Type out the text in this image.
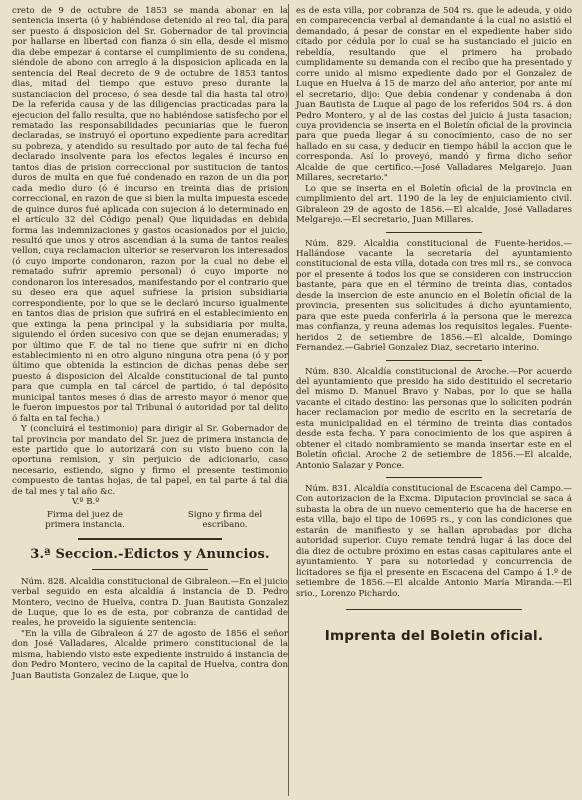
creto de 9 de octubre de 1853 se manda abonar en la sentencia inserta (ó y habiéndose detenido al reo tal, dia para ser puesto á disposicion del Sr. Gobernador de tal provincia por hallarse en libertad con fianza ó sin ella, desde el mismo dia debe empezar á contarse el cumplimiento de su condena, siéndole de abono con arreglo á la disposicion aplicada en la sentencia del Real decreto de 9 de octubre de 1853 tantos dias, mitad del tiempo que estuvo preso durante la sustanciacion del proceso, ó sea desde tal dia hasta tal otro) De la referida causa y de las diligencias practicadas para la ejecucion del fallo resulta, que no habiéndose satisfecho por el rematado las responsabilidades pecuniarias que le fueron declaradas, se instruyó el oportuno expediente para acreditar su pobreza, y atendido su resultado por auto de tal fecha fué declarado insolvente para los efectos legales é incurso en tantos dias de prision correccional por sustitucion de tantos duros de multa en que fué condenado en razon de un dia por cada medio duro (ó é incurso en treinta dias de prision correccional, en razon de que si bien la multa impuesta escede de quince duros fué aplicada con sujecion á lo determinado en el artículo 32 del Código penal) Que liquidadas en debida forma las indemnizaciones y gastos ocasionados por el juicio, resultó que unos y otros ascendian á la suma de tantos reales vellon, cuya reclamacion ulterior se reservaron los interesados (ó cuyo importe condonaron, razon por la cual no debe el rematado sufrir apremio personal) ó cuyo importe no condonaron los interesados, manifestando por el contrario que su deseo era que aquel sufriese la prision subsidiaria correspondiente, por lo que se le declaró incurso igualmente en tantos dias de prision que sufrirá en el establecimiento en que extinga la pena principal y la subsidiaria por multa, siguiendo el órden sucesivo con que se dejan enumeradas; y por último que F. de tal no tiene que sufrir ni en dicho establecimiento ni en otro alguno ninguna otra pena (ó y por último que obtenida la estincion de dichas penas debe ser puesto á disposicion del Alcalde constitucional de tal punto para que cumpla en tal cárcel de partido, ó tal depósito municipal tantos meses ó dias de arresto mayor ó menor que le fueron impuestos por tal Tribunal ó autoridad por tal delito ó falta en tal fecha.)

Y (concluirá el testimonio) para dirigir al Sr. Gobernador de tal provincia por mandato del Sr. juez de primera instancia de este partido que lo autorizará con su visto bueno con la oportuna remision, y sin perjuicio de adicionarlo, caso necesario, estiendo, signo y firmo el presente testimonio compuesto de tantas hojas, de tal papel, en tal parte á tal dia de tal mes y tal año &c.

V.º B.º

Firma del juez de primera instancia.
Signo y firma del escribano.
3.ª Seccion.-Edictos y Anuncios.

Núm. 828. Alcaldia constitucional de Gibraleon.—En el juicio verbal seguido en esta alcaldía á instancia de D. Pedro Montero, vecino de Huelva, contra D. Juan Bautista Gonzalez de Luque, que lo es de esta, por cobranza de cantidad de reales, he proveido la siguiente sentencia:

"En la villa de Gibraleon á 27 de agosto de 1856 el señor don José Valladares, Alcalde primero constitucional de la misma, habiendo visto este expediente instruido á instancia de don Pedro Montero, vecino de la capital de Huelva, contra don Juan Bautista Gonzalez de Luque, que lo

es de esta villa, por cobranza de 504 rs. que le adeuda, y oido en comparecencia verbal al demandante á la cual no asistió el demandado, á pesar de constar en el expediente haber sido citado por cédula por lo cual se ha sustanciado el juicio en rebeldía, resultando que el primero ha probado cumplidamente su demanda con el recibo que ha presentado y corre unido al mismo expediente dado por el Gonzalez de Luque en Huelva á 15 de marzo del año anterior, por ante mí el secretario, dijo: Que debia condenar y condenaba á don Juan Bautista de Luque al pago de los referidos 504 rs. á don Pedro Montero, y al de las costas del juicio á justa tasacion; cuya providencia se inserta en el Boletín oficial de la provincia para que pueda llegar á su conocimiento, caso de no ser hallado en su casa, y deducir en tiempo hábil la accion que le corresponda. Así lo proveyó, mandó y firma dicho señor Alcalde de que certifico.—José Valladares Melgarejo. Juan Millares, secretario."

Lo que se inserta en el Boletín oficial de la provincia en cumplimiento del art. 1190 de la ley de enjuiciamiento civil. Gibraleon 29 de agosto de 1856.—El alcalde, José Valladares Melgarejo.—El secretario, Juan Millares.

Núm. 829. Alcaldia constitucional de Fuente-heridos.—Hallándose vacante la secretaría del ayuntamiento constitucional de esta villa, dotada con tres mil rs., se convoca por el presente á todos los que se consideren con instruccion bastante, para que en el término de treinta dias, contados desde la insercion de este anuncio en el Boletín oficial de la provincia, presenten sus solicitudes á dicho ayuntamiento, para que este pueda conferirla á la persona que le merezca mas confianza, y reuna ademas los requisitos legales. Fuente-heridos 2 de setiembre de 1856.—El alcalde, Domingo Fernandez.—Gabriel Gonzalez Diaz, secretario interino.

Núm. 830. Alcaldía constitucional de Aroche.—Por acuerdo del ayuntamiento que presido ha sido destituido el secretario del mismo D. Manuel Bravo y Nabas, por lo que se halla vacante el citado destino: las personas que lo soliciten podrán hacer reclamacion por medio de escrito en la secretaría de esta municipalidad en el término de treinta dias contados desde esta fecha. Y para conocimiento de los que aspiren á obtener el citado nombramiento se manda insertar este en el Boletín oficial. Aroche 2 de setiembre de 1856.—El alcalde, Antonio Salazar y Ponce.

Núm. 831. Alcaldía constitucional de Escacena del Campo.—Con autorizacion de la Excma. Diputacion provincial se saca á subasta la obra de un nuevo cementerio que ha de hacerse en esta villa, bajo el tipo de 10695 rs., y con las condiciones que estarán de manifiesto y se hallan aprobadas por dicha autoridad superior. Cuyo remate tendrá lugar á las doce del dia diez de octubre próximo en estas casas capitulares ante el ayuntamiento. Y para su notoriedad y concurrencia de licitadores se fija el presente en Escacena del Campo á 1.º de setiembre de 1856.—El alcalde Antonio María Miranda.—El srio., Lorenzo Pichardo.

Imprenta del Boletin oficial.
